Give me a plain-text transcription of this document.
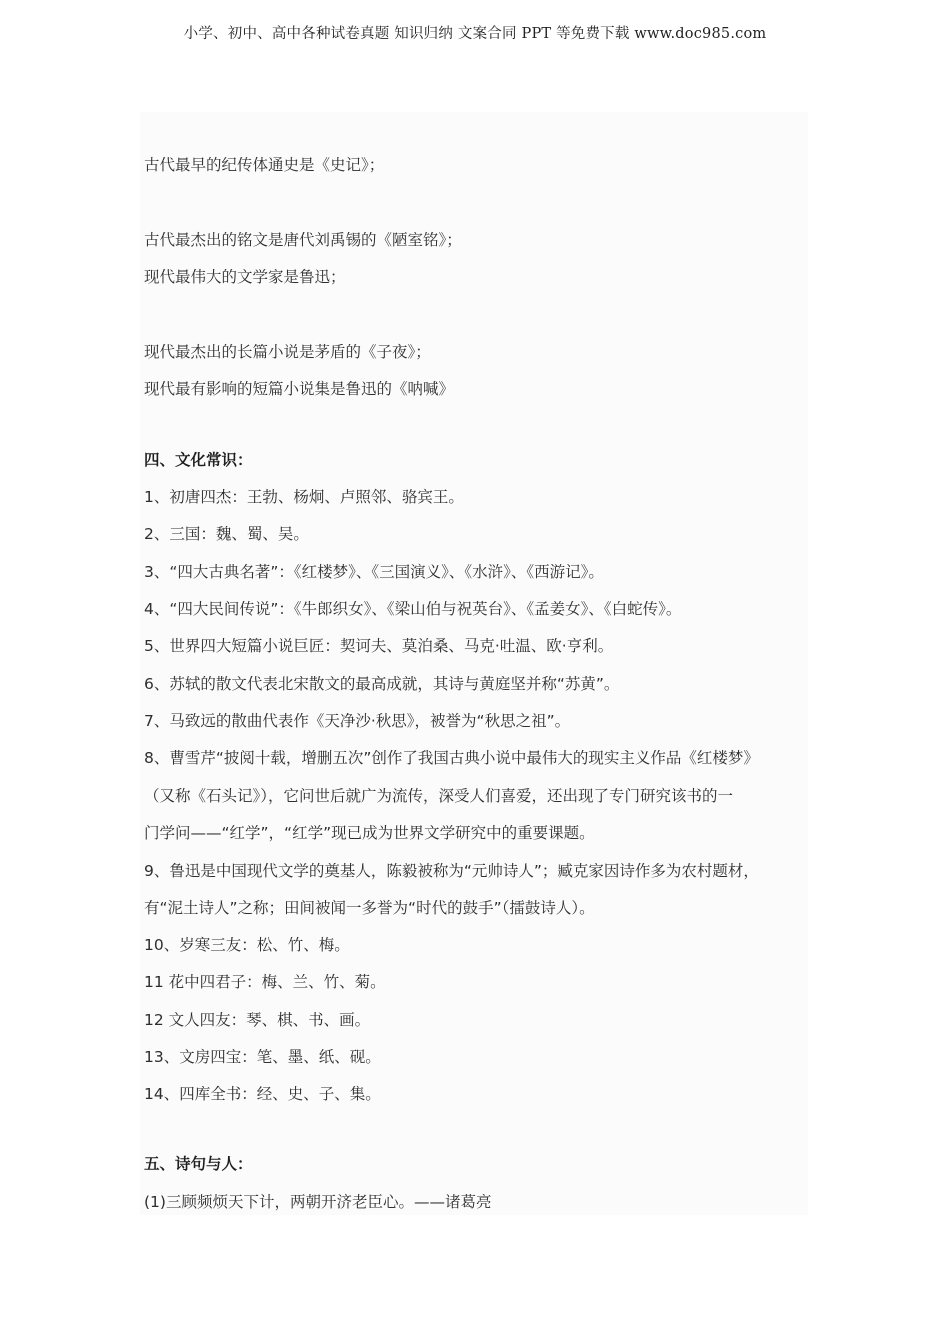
小学、初中、高中各种试卷真题 知识归纳 文案合同 PPT 等免费下载 www.doc985.com
古代最早的纪传体通史是《史记》；
古代最杰出的铭文是唐代刘禹锡的《陋室铭》；
现代最伟大的文学家是鲁迅；
现代最杰出的长篇小说是茅盾的《子夜》；
现代最有影响的短篇小说集是鲁迅的《呐喊》
四、文化常识：
1、初唐四杰：王勃、杨炯、卢照邻、骆宾王。
2、三国：魏、蜀、吴。
3、“四大古典名著”：《红楼梦》、《三国演义》、《水浒》、《西游记》。
4、“四大民间传说”：《牛郎织女》、《梁山伯与祝英台》、《孟姜女》、《白蛇传》。
5、世界四大短篇小说巨匠：契诃夫、莫泊桑、马克·吐温、欧·亨利。
6、苏轼的散文代表北宋散文的最高成就，其诗与黄庭坚并称“苏黄”。
7、马致远的散曲代表作《天净沙·秋思》，被誉为“秋思之祖”。
8、曹雪芹“披阅十载，增删五次”创作了我国古典小说中最伟大的现实主义作品《红楼梦》
（又称《石头记》），它问世后就广为流传，深受人们喜爱，还出现了专门研究该书的一
门学问——“红学”，“红学”现已成为世界文学研究中的重要课题。
9、鲁迅是中国现代文学的奠基人，陈毅被称为“元帅诗人”；臧克家因诗作多为农村题材，
有“泥土诗人”之称；田间被闻一多誉为“时代的鼓手”（擂鼓诗人）。
10、岁寒三友：松、竹、梅。
11 花中四君子：梅、兰、竹、菊。
12 文人四友：琴、棋、书、画。
13、文房四宝：笔、墨、纸、砚。
14、四库全书：经、史、子、集。
五、诗句与人：
(1)三顾频烦天下计，两朝开济老臣心。——诸葛亮
